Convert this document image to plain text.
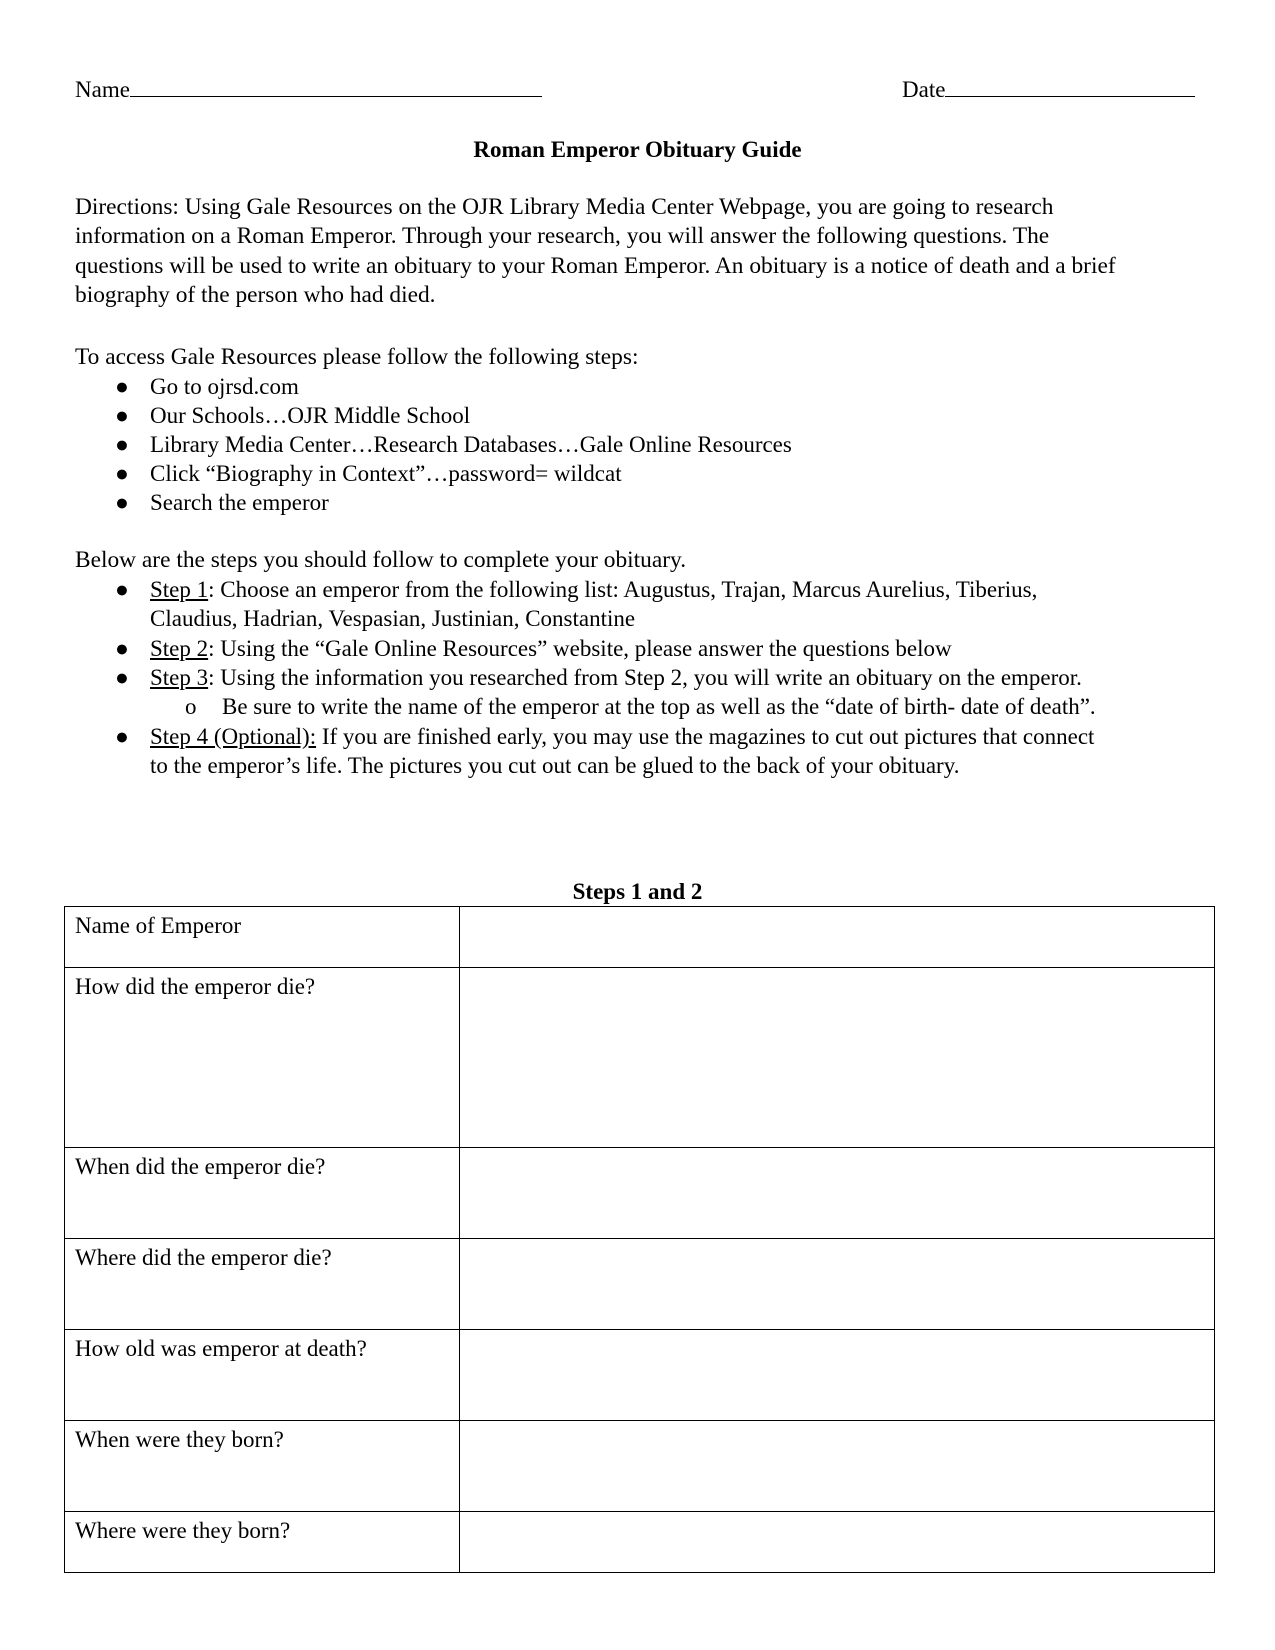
Name	Date
Roman Emperor Obituary Guide
Directions: Using Gale Resources on the OJR Library Media Center Webpage, you are going to research
information on a Roman Emperor. Through your research, you will answer the following questions. The
questions will be used to write an obituary to your Roman Emperor. An obituary is a notice of death and a brief
biography of the person who had died.
To access Gale Resources please follow the following steps:
● Go to ojrsd.com
● Our Schools…OJR Middle School
● Library Media Center…Research Databases…Gale Online Resources
● Click “Biography in Context”…password= wildcat
● Search the emperor
Below are the steps you should follow to complete your obituary.
● Step 1: Choose an emperor from the following list: Augustus, Trajan, Marcus Aurelius, Tiberius,
Claudius, Hadrian, Vespasian, Justinian, Constantine
● Step 2: Using the “Gale Online Resources” website, please answer the questions below
● Step 3: Using the information you researched from Step 2, you will write an obituary on the emperor.
o Be sure to write the name of the emperor at the top as well as the “date of birth- date of death”.
● Step 4 (Optional): If you are finished early, you may use the magazines to cut out pictures that connect
to the emperor’s life. The pictures you cut out can be glued to the back of your obituary.
Steps 1 and 2
Name of Emperor	
How did the emperor die?	
When did the emperor die?	
Where did the emperor die?	
How old was emperor at death?	
When were they born?	
Where were they born?	
